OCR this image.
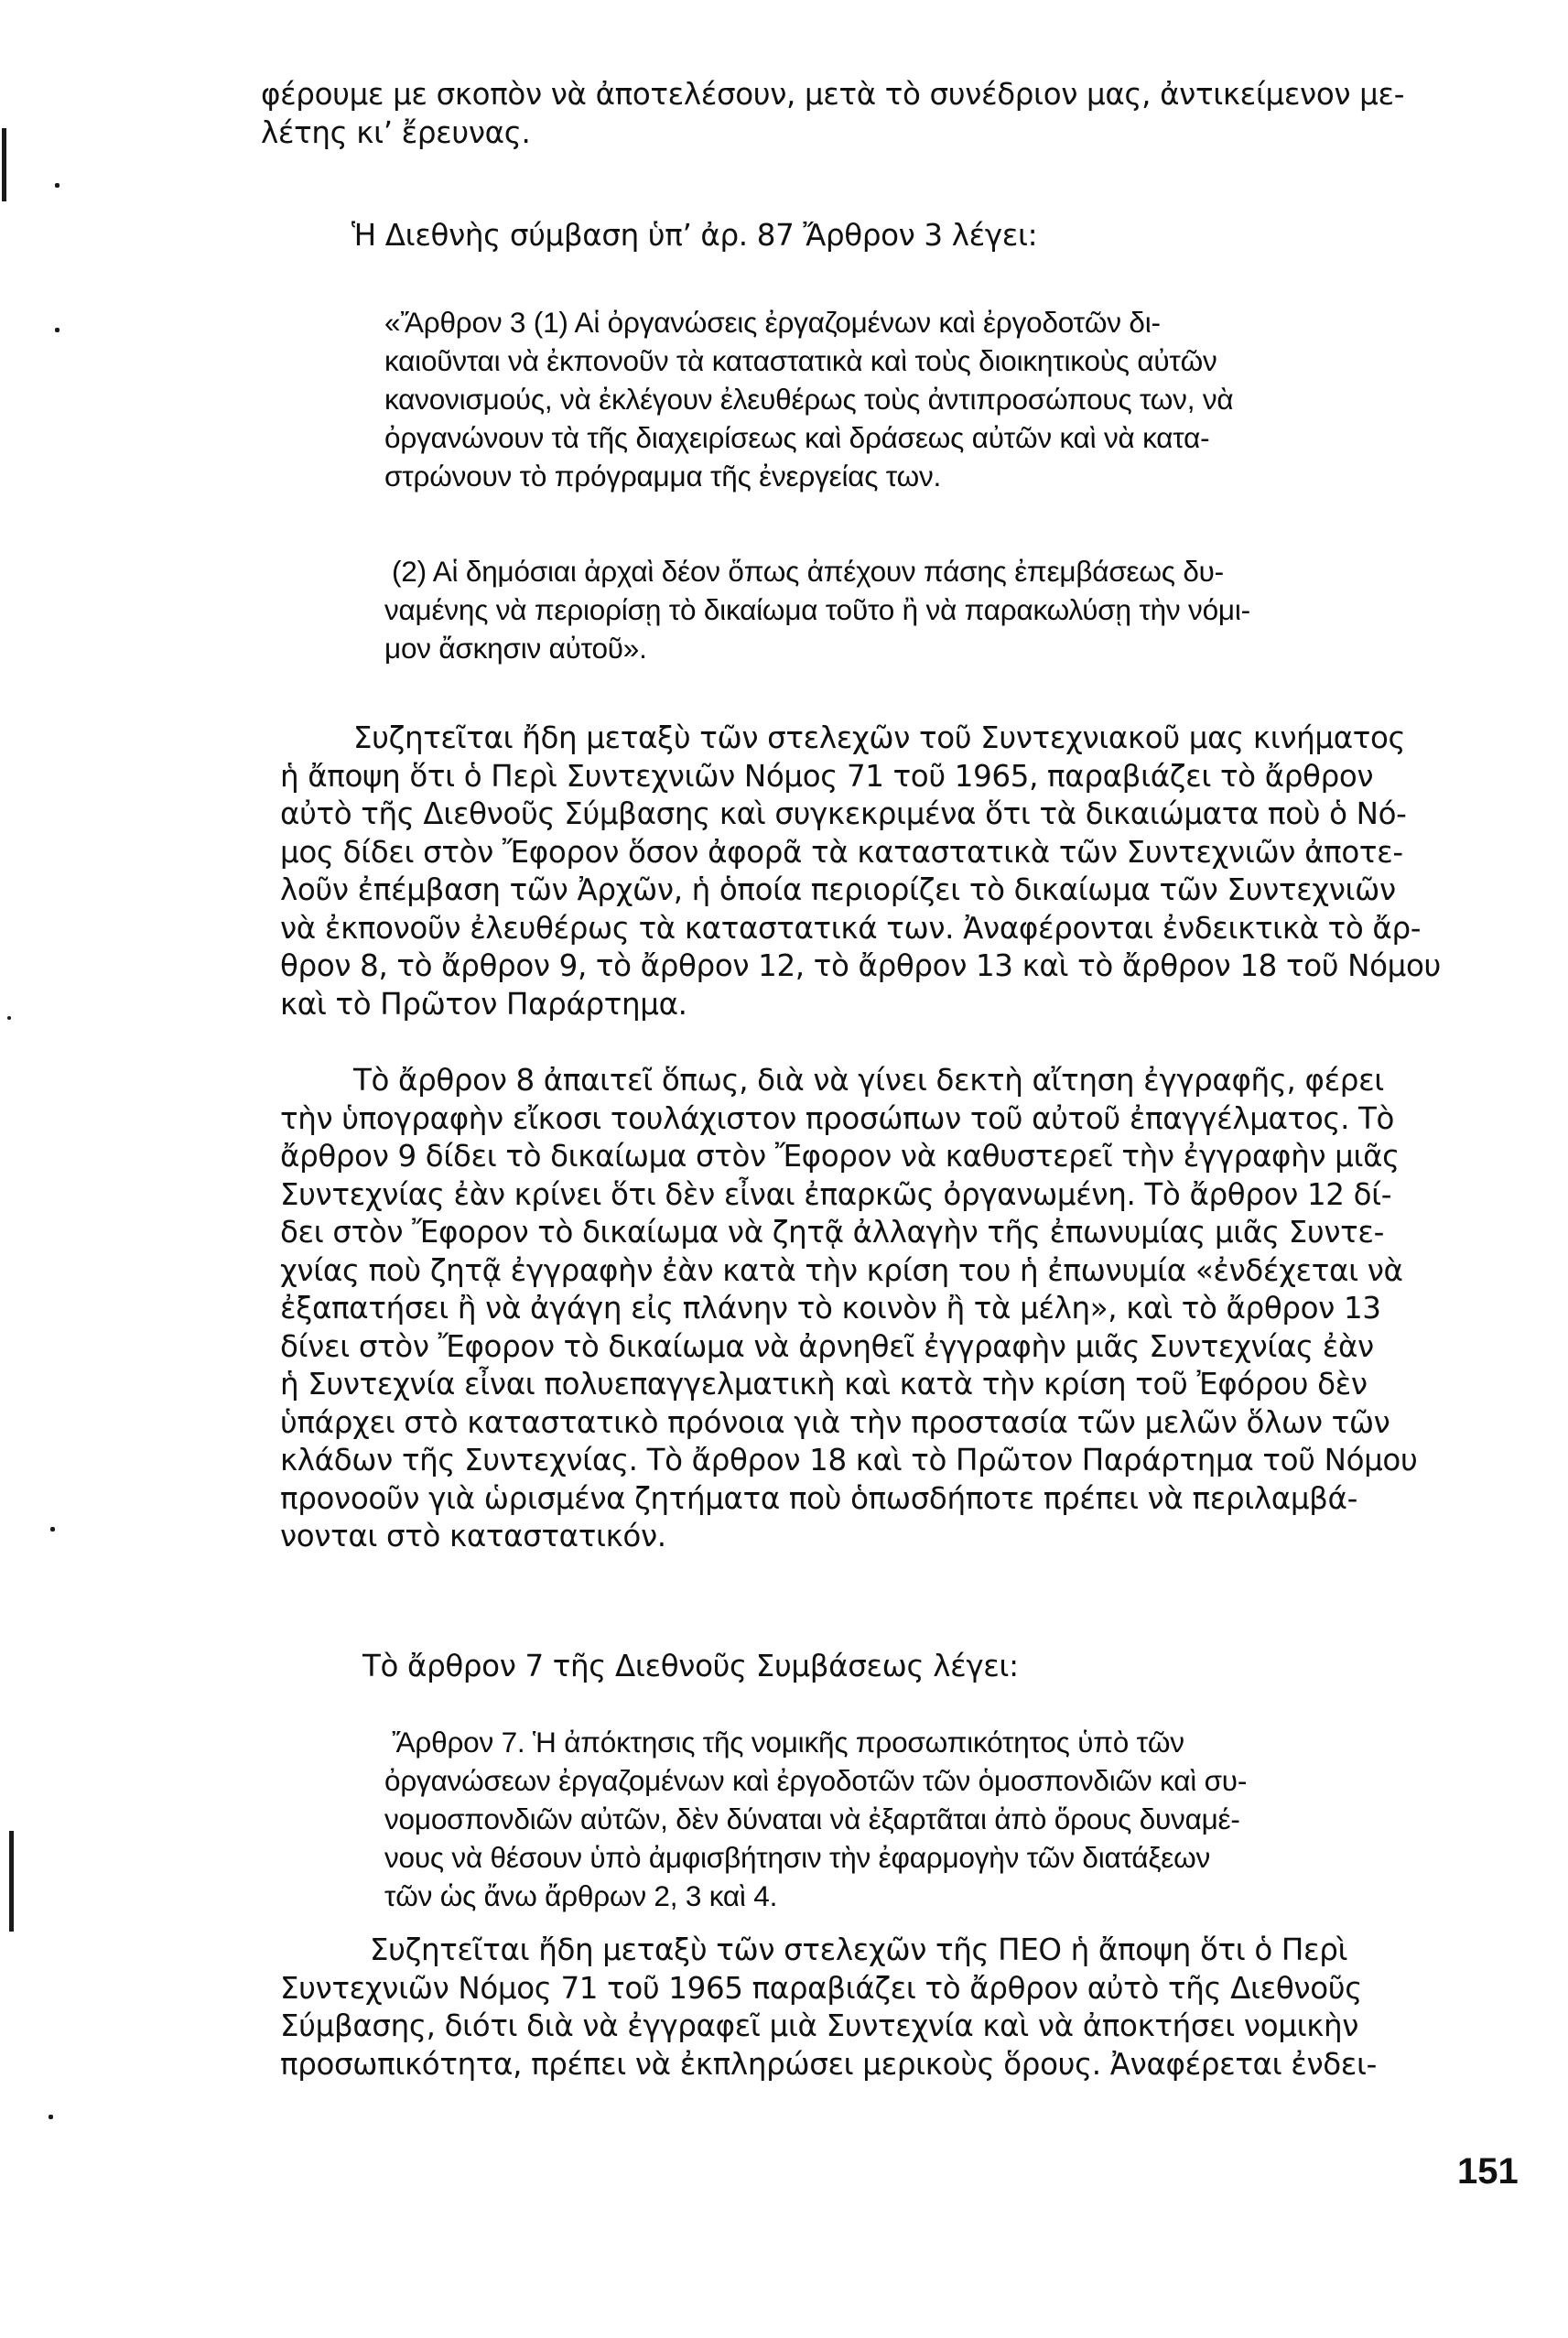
φέρουμε με σκοπὸν νὰ ἀποτελέσουν, μετὰ τὸ συνέδριον μας, ἀντικείμενον με-
λέτης κι’ ἔρευνας.

Ἡ Διεθνὴς σύμβαση ὑπ’ ἀρ. 87 Ἄρθρον 3 λέγει:

«Ἄρθρον 3 (1) Αἱ ὀργανώσεις ἐργαζομένων καὶ ἐργοδοτῶν δι-
καιοῦνται νὰ ἐκπονοῦν τὰ καταστατικὰ καὶ τοὺς διοικητικοὺς αὐτῶν
κανονισμούς, νὰ ἐκλέγουν ἐλευθέρως τοὺς ἀντιπροσώπους των, νὰ
ὀργανώνουν τὰ τῆς διαχειρίσεως καὶ δράσεως αὐτῶν καὶ νὰ κατα-
στρώνουν τὸ πρόγραμμα τῆς ἐνεργείας των.

(2) Αἱ δημόσιαι ἀρχαὶ δέον ὅπως ἀπέχουν πάσης ἐπεμβάσεως δυ-
ναμένης νὰ περιορίσῃ τὸ δικαίωμα τοῦτο ἢ νὰ παρακωλύσῃ τὴν νόμι-
μον ἄσκησιν αὐτοῦ».

Συζητεῖται ἤδη μεταξὺ τῶν στελεχῶν τοῦ Συντεχνιακοῦ μας κινήματος
ἡ ἄποψη ὅτι ὁ Περὶ Συντεχνιῶν Νόμος 71 τοῦ 1965, παραβιάζει τὸ ἄρθρον
αὐτὸ τῆς Διεθνοῦς Σύμβασης καὶ συγκεκριμένα ὅτι τὰ δικαιώματα ποὺ ὁ Νό-
μος δίδει στὸν Ἔφορον ὅσον ἀφορᾶ τὰ καταστατικὰ τῶν Συντεχνιῶν ἀποτε-
λοῦν ἐπέμβαση τῶν Ἀρχῶν, ἡ ὁποία περιορίζει τὸ δικαίωμα τῶν Συντεχνιῶν
νὰ ἐκπονοῦν ἐλευθέρως τὰ καταστατικά των. Ἀναφέρονται ἐνδεικτικὰ τὸ ἄρ-
θρον 8, τὸ ἄρθρον 9, τὸ ἄρθρον 12, τὸ ἄρθρον 13 καὶ τὸ ἄρθρον 18 τοῦ Νόμου
καὶ τὸ Πρῶτον Παράρτημα.

Τὸ ἄρθρον 8 ἀπαιτεῖ ὅπως, διὰ νὰ γίνει δεκτὴ αἴτηση ἐγγραφῆς, φέρει
τὴν ὑπογραφὴν εἴκοσι τουλάχιστον προσώπων τοῦ αὐτοῦ ἐπαγγέλματος. Τὸ
ἄρθρον 9 δίδει τὸ δικαίωμα στὸν Ἔφορον νὰ καθυστερεῖ τὴν ἐγγραφὴν μιᾶς
Συντεχνίας ἐὰν κρίνει ὅτι δὲν εἶναι ἐπαρκῶς ὀργανωμένη. Τὸ ἄρθρον 12 δί-
δει στὸν Ἔφορον τὸ δικαίωμα νὰ ζητᾷ ἀλλαγὴν τῆς ἐπωνυμίας μιᾶς Συντε-
χνίας ποὺ ζητᾷ ἐγγραφὴν ἐὰν κατὰ τὴν κρίση του ἡ ἐπωνυμία «ἐνδέχεται νὰ
ἐξαπατήσει ἢ νὰ ἀγάγη εἰς πλάνην τὸ κοινὸν ἢ τὰ μέλη», καὶ τὸ ἄρθρον 13
δίνει στὸν Ἔφορον τὸ δικαίωμα νὰ ἀρνηθεῖ ἐγγραφὴν μιᾶς Συντεχνίας ἐὰν
ἡ Συντεχνία εἶναι πολυεπαγγελματικὴ καὶ κατὰ τὴν κρίση τοῦ Ἐφόρου δὲν
ὑπάρχει στὸ καταστατικὸ πρόνοια γιὰ τὴν προστασία τῶν μελῶν ὅλων τῶν
κλάδων τῆς Συντεχνίας. Τὸ ἄρθρον 18 καὶ τὸ Πρῶτον Παράρτημα τοῦ Νόμου
προνοοῦν γιὰ ὡρισμένα ζητήματα ποὺ ὁπωσδήποτε πρέπει νὰ περιλαμβά-
νονται στὸ καταστατικόν.

Τὸ ἄρθρον 7 τῆς Διεθνοῦς Συμβάσεως λέγει:

Ἄρθρον 7. Ἡ ἀπόκτησις τῆς νομικῆς προσωπικότητος ὑπὸ τῶν
ὀργανώσεων ἐργαζομένων καὶ ἐργοδοτῶν τῶν ὁμοσπονδιῶν καὶ συ-
νομοσπονδιῶν αὐτῶν, δὲν δύναται νὰ ἐξαρτᾶται ἀπὸ ὅρους δυναμέ-
νους νὰ θέσουν ὑπὸ ἀμφισβήτησιν τὴν ἐφαρμογὴν τῶν διατάξεων
τῶν ὡς ἄνω ἄρθρων 2, 3 καὶ 4.

Συζητεῖται ἤδη μεταξὺ τῶν στελεχῶν τῆς ΠΕΟ ἡ ἄποψη ὅτι ὁ Περὶ
Συντεχνιῶν Νόμος 71 τοῦ 1965 παραβιάζει τὸ ἄρθρον αὐτὸ τῆς Διεθνοῦς
Σύμβασης, διότι διὰ νὰ ἐγγραφεῖ μιὰ Συντεχνία καὶ νὰ ἀποκτήσει νομικὴν
προσωπικότητα, πρέπει νὰ ἐκπληρώσει μερικοὺς ὅρους. Ἀναφέρεται ἐνδει-

151
